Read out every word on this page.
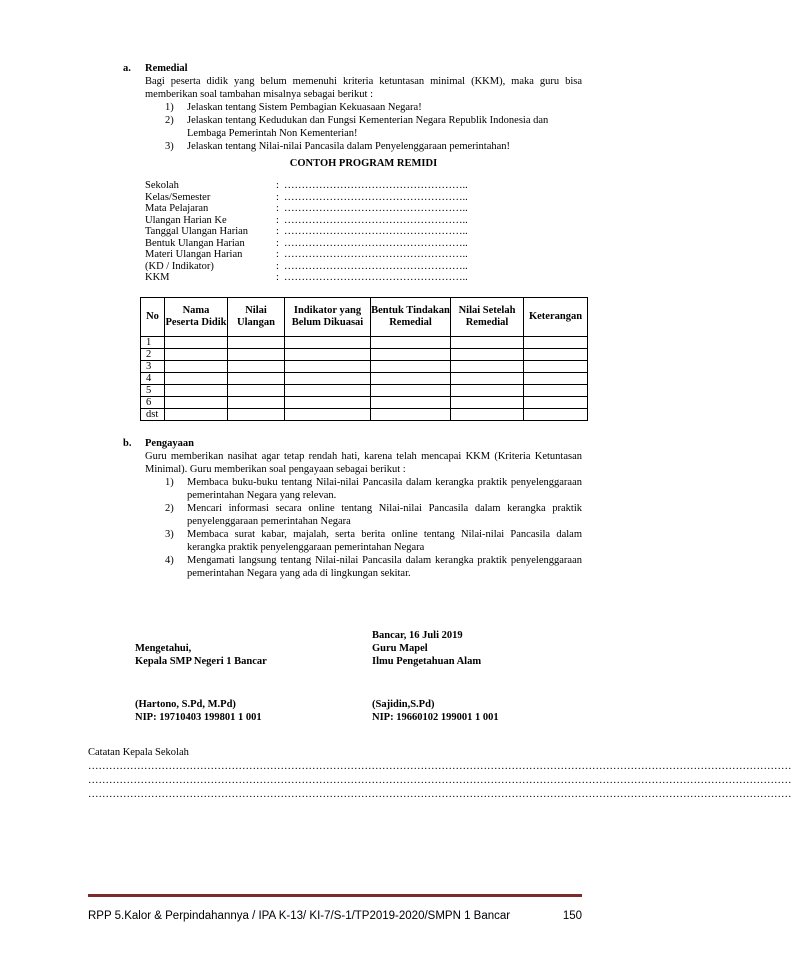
a. Remedial
Bagi peserta didik yang belum memenuhi kriteria ketuntasan minimal (KKM), maka guru bisa memberikan soal tambahan misalnya sebagai berikut :
1) Jelaskan tentang Sistem Pembagian Kekuasaan Negara!
2) Jelaskan tentang Kedudukan dan Fungsi Kementerian Negara Republik Indonesia dan Lembaga Pemerintah Non Kementerian!
3) Jelaskan tentang Nilai-nilai Pancasila dalam Penyelenggaraan pemerintahan!
CONTOH PROGRAM REMIDI
Sekolah	: ……………………………………………..
Kelas/Semester	: ……………………………………………..
Mata Pelajaran	: ……………………………………………..
Ulangan Harian Ke	: ……………………………………………..
Tanggal Ulangan Harian	: ……………………………………………..
Bentuk Ulangan Harian	: ……………………………………………..
Materi Ulangan Harian	: ……………………………………………..
(KD / Indikator)	: ……………………………………………..
KKM	: ……………………………………………..
No	Nama Peserta Didik	Nilai Ulangan	Indikator yang Belum Dikuasai	Bentuk Tindakan Remedial	Nilai Setelah Remedial	Keterangan
1						
2						
3						
4						
5						
6						
dst						
b. Pengayaan
Guru memberikan nasihat agar tetap rendah hati, karena telah mencapai KKM (Kriteria Ketuntasan Minimal). Guru memberikan soal pengayaan sebagai berikut :
1) Membaca buku-buku tentang Nilai-nilai Pancasila dalam kerangka praktik penyelenggaraan pemerintahan Negara yang relevan.
2) Mencari informasi secara online tentang Nilai-nilai Pancasila dalam kerangka praktik penyelenggaraan pemerintahan Negara
3) Membaca surat kabar, majalah, serta berita online tentang Nilai-nilai Pancasila dalam kerangka praktik penyelenggaraan pemerintahan Negara
4) Mengamati langsung tentang Nilai-nilai Pancasila dalam kerangka praktik penyelenggaraan pemerintahan Negara yang ada di lingkungan sekitar.
Bancar, 16 Juli 2019
Mengetahui,
Kepala SMP Negeri 1 Bancar
Guru Mapel
Ilmu Pengetahuan Alam
(Hartono, S.Pd, M.Pd)
NIP: 19710403 199801 1 001
(Sajidin,S.Pd)
NIP: 19660102 199001 1 001
Catatan Kepala Sekolah
…………………………………………………………………………………………………………………………………………………………………………………
…………………………………………………………………………………………………………………………………………………………………………………
…………………………………………………………………………………………………………………………………………………………………………………
RPP 5.Kalor & Perpindahannya / IPA K-13/ KI-7/S-1/TP2019-2020/SMPN 1 Bancar	150
